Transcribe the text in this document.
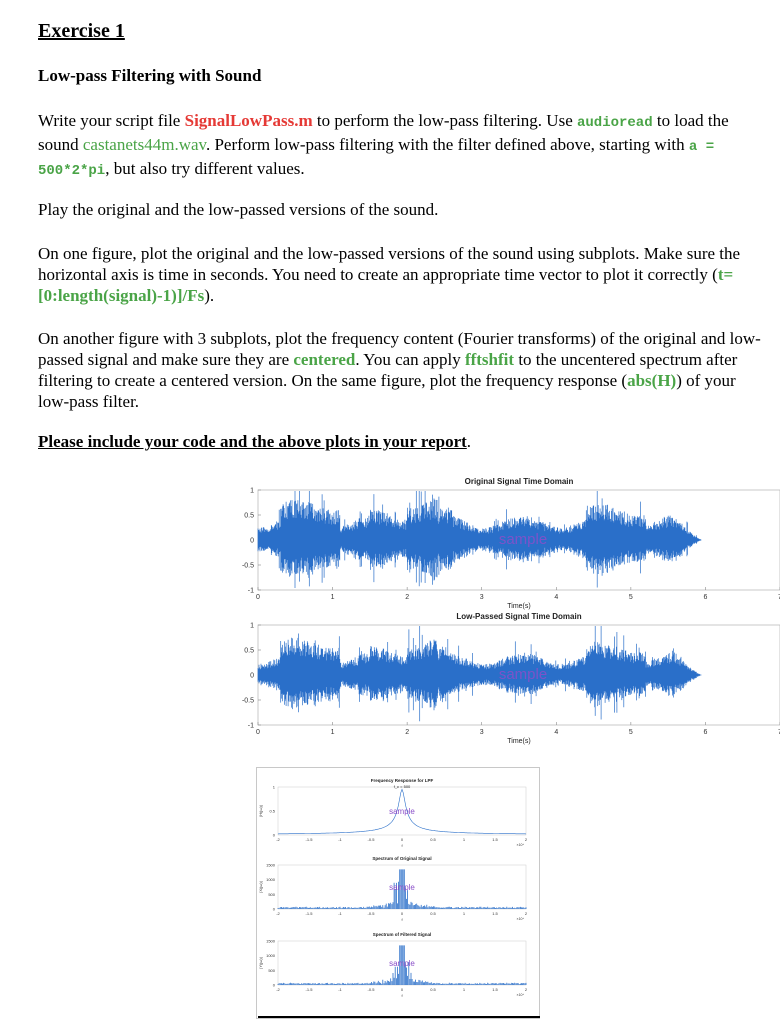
Exercise 1
Low-pass Filtering with Sound

Write your script file SignalLowPass.m to perform the low-pass filtering. Use audioread to load the sound castanets44m.wav. Perform low-pass filtering with the filter defined above, starting with a = 500*2*pi, but also try different values.

Play the original and the low-passed versions of the sound.

On one figure, plot the original and the low-passed versions of the sound using subplots. Make sure the horizontal axis is time in seconds. You need to create an appropriate time vector to plot it correctly (t=[0:length(signal)-1)]/Fs).

On another figure with 3 subplots, plot the frequency content (Fourier transforms) of the original and low-passed signal and make sure they are centered. You can apply fftshfit to the uncentered spectrum after filtering to create a centered version. On the same figure, plot the frequency response (abs(H)) of your low-pass filter.

Please include your code and the above plots in your report.
Original Signal Time Domain
1
0.5
0
-0.5
-1
0	1	2	3	4	5	6
Time(s)
sample
Low-Passed Signal Time Domain
1
0.5
0
-0.5
-1
0	1	2	3	4	5	6
Time(s)
sample
Frequency Response for LPF
|H(jω)|
-2	-1.5	-1	-0.5	0	0.5	1	1.5	2
f	×10⁴
1
0.5
0
f_c = 500
sample
Spectrum of Original Signal
|X(jω)|
-2	-1.5	-1	-0.5	0	0.5	1	1.5	2
f	×10⁴
1500
1000
500
0
sample
Spectrum of Filtered Signal
|Y(jω)|
-2	-1.5	-1	-0.5	0	0.5	1	1.5	2
f	×10⁴
1500
1000
500
0
sample
